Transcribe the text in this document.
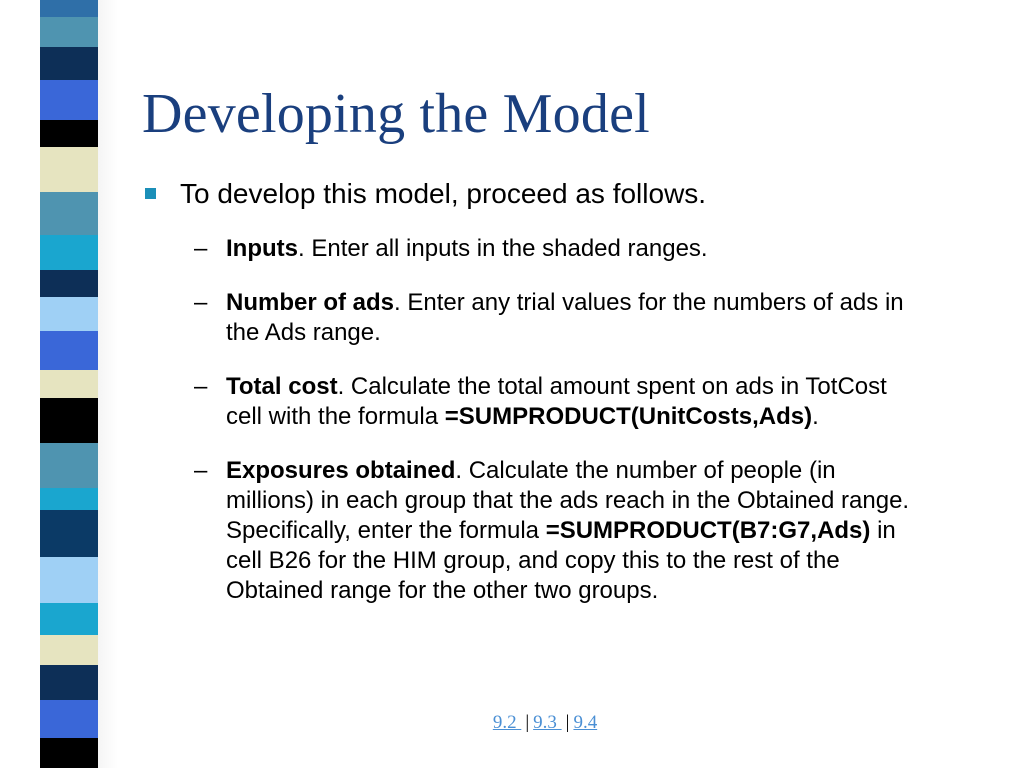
Developing the Model
To develop this model, proceed as follows.
– Inputs. Enter all inputs in the shaded ranges.
– Number of ads. Enter any trial values for the numbers of ads in the Ads range.
– Total cost. Calculate the total amount spent on ads in TotCost cell with the formula =SUMPRODUCT(UnitCosts,Ads).
– Exposures obtained. Calculate the number of people (in millions) in each group that the ads reach in the Obtained range. Specifically, enter the formula =SUMPRODUCT(B7:G7,Ads) in cell B26 for the HIM group, and copy this to the rest of the Obtained range for the other two groups.
9.2 | 9.3 | 9.4
